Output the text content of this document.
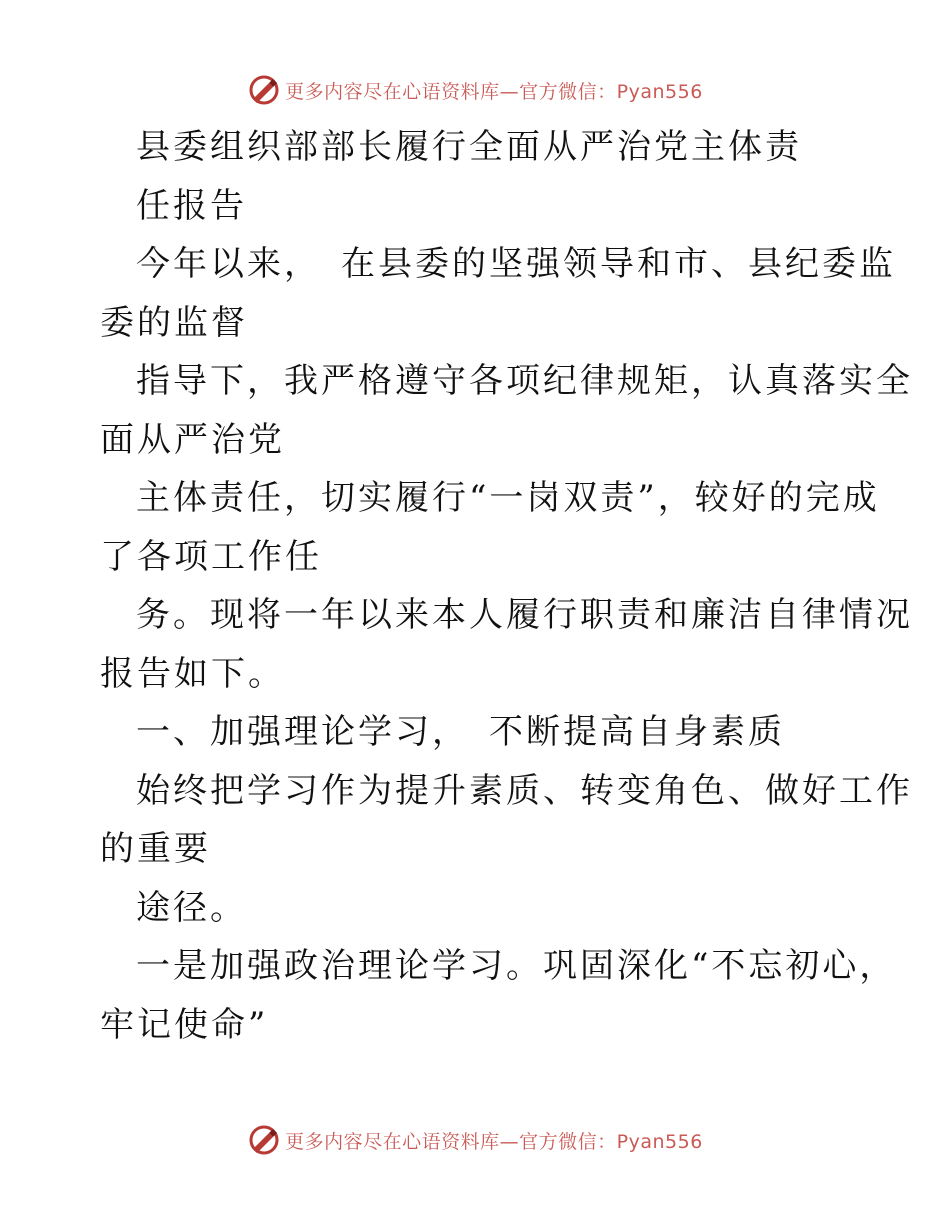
更多内容尽在心语资料库—官方微信：Pyan556
县委组织部部长履行全面从严治党主体责
任报告
今年以来，　在县委的坚强领导和市、县纪委监
委的监督
指导下，我严格遵守各项纪律规矩，认真落实全
面从严治党
主体责任，切实履行“一岗双责”，较好的完成
了各项工作任
务。现将一年以来本人履行职责和廉洁自律情况
报告如下。
一、加强理论学习，　不断提高自身素质
始终把学习作为提升素质、转变角色、做好工作
的重要
途径。
一是加强政治理论学习。巩固深化“不忘初心，
牢记使命”
更多内容尽在心语资料库—官方微信：Pyan556
